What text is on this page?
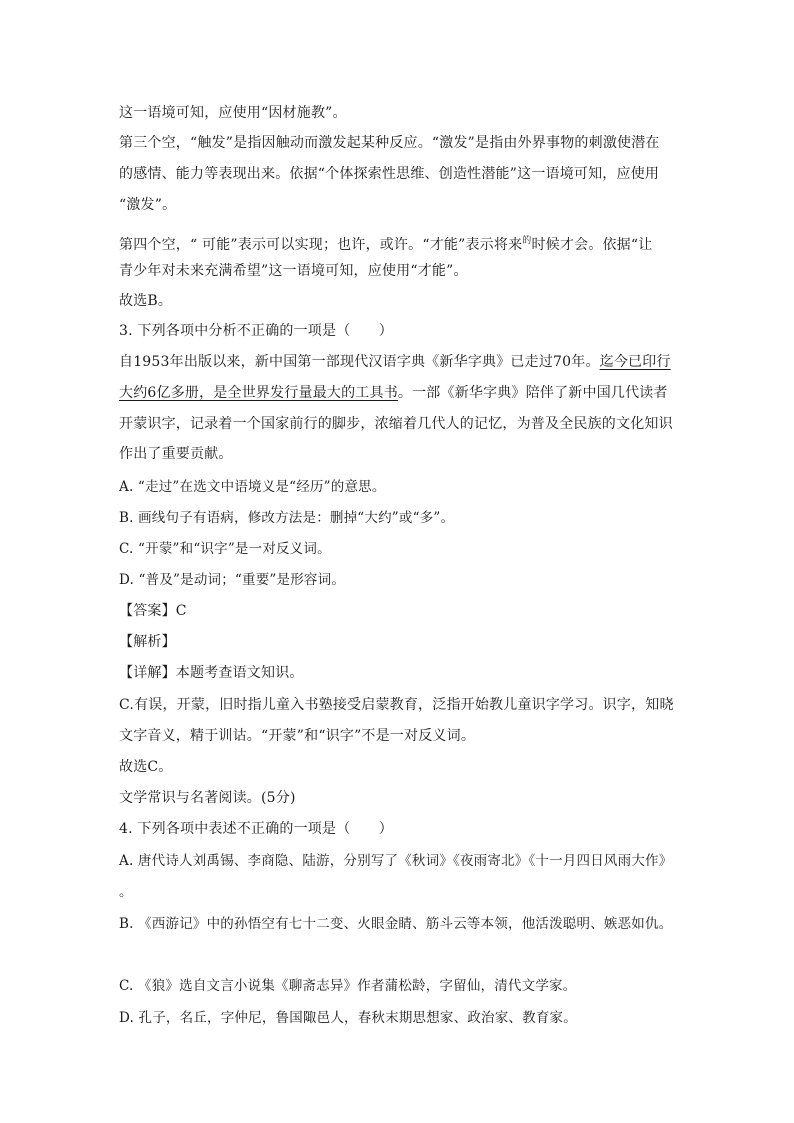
这一语境可知，应使用“因材施教”。
第三个空，“触发”是指因触动而激发起某种反应。“激发”是指由外界事物的刺激使潜在
的感情、能力等表现出来。依据“个体探索性思维、创造性潜能”这一语境可知，应使用
“激发”。
第四个空，“ 可能”表示可以实现；也许，或许。“才能”表示将来$^的$时候才会。依据“让
青少年对未来充满希望”这一语境可知，应使用“才能”。
故选B。
3. 下列各项中分析不正确的一项是（　　）
自1953年出版以来，新中国第一部现代汉语字典《新华字典》已走过70年。迄今已印行
大约6亿多册，是全世界发行量最大的工具书。一部《新华字典》陪伴了新中国几代读者
开蒙识字，记录着一个国家前行的脚步，浓缩着几代人的记忆，为普及全民族的文化知识
作出了重要贡献。
A. “走过”在选文中语境义是“经历”的意思。
B. 画线句子有语病，修改方法是：删掉“大约”或“多”。
C. “开蒙”和“识字”是一对反义词。
D. “普及”是动词；“重要”是形容词。
【答案】C
【解析】
【详解】本题考查语文知识。
C.有误，开蒙，旧时指儿童入书塾接受启蒙教育，泛指开始教儿童识字学习。识字，知晓
文字音义，精于训诂。“开蒙”和“识字”不是一对反义词。
故选C。
文学常识与名著阅读。(5分)
4. 下列各项中表述不正确的一项是（　　）
A. 唐代诗人刘禹锡、李商隐、陆游，分别写了《秋词》《夜雨寄北》《十一月四日风雨大作》
。
B. 《西游记》中的孙悟空有七十二变、火眼金睛、筋斗云等本领，他活泼聪明、嫉恶如仇。
C. 《狼》选自文言小说集《聊斋志异》作者蒲松龄，字留仙，清代文学家。
D. 孔子，名丘，字仲尼，鲁国陬邑人，春秋末期思想家、政治家、教育家。
